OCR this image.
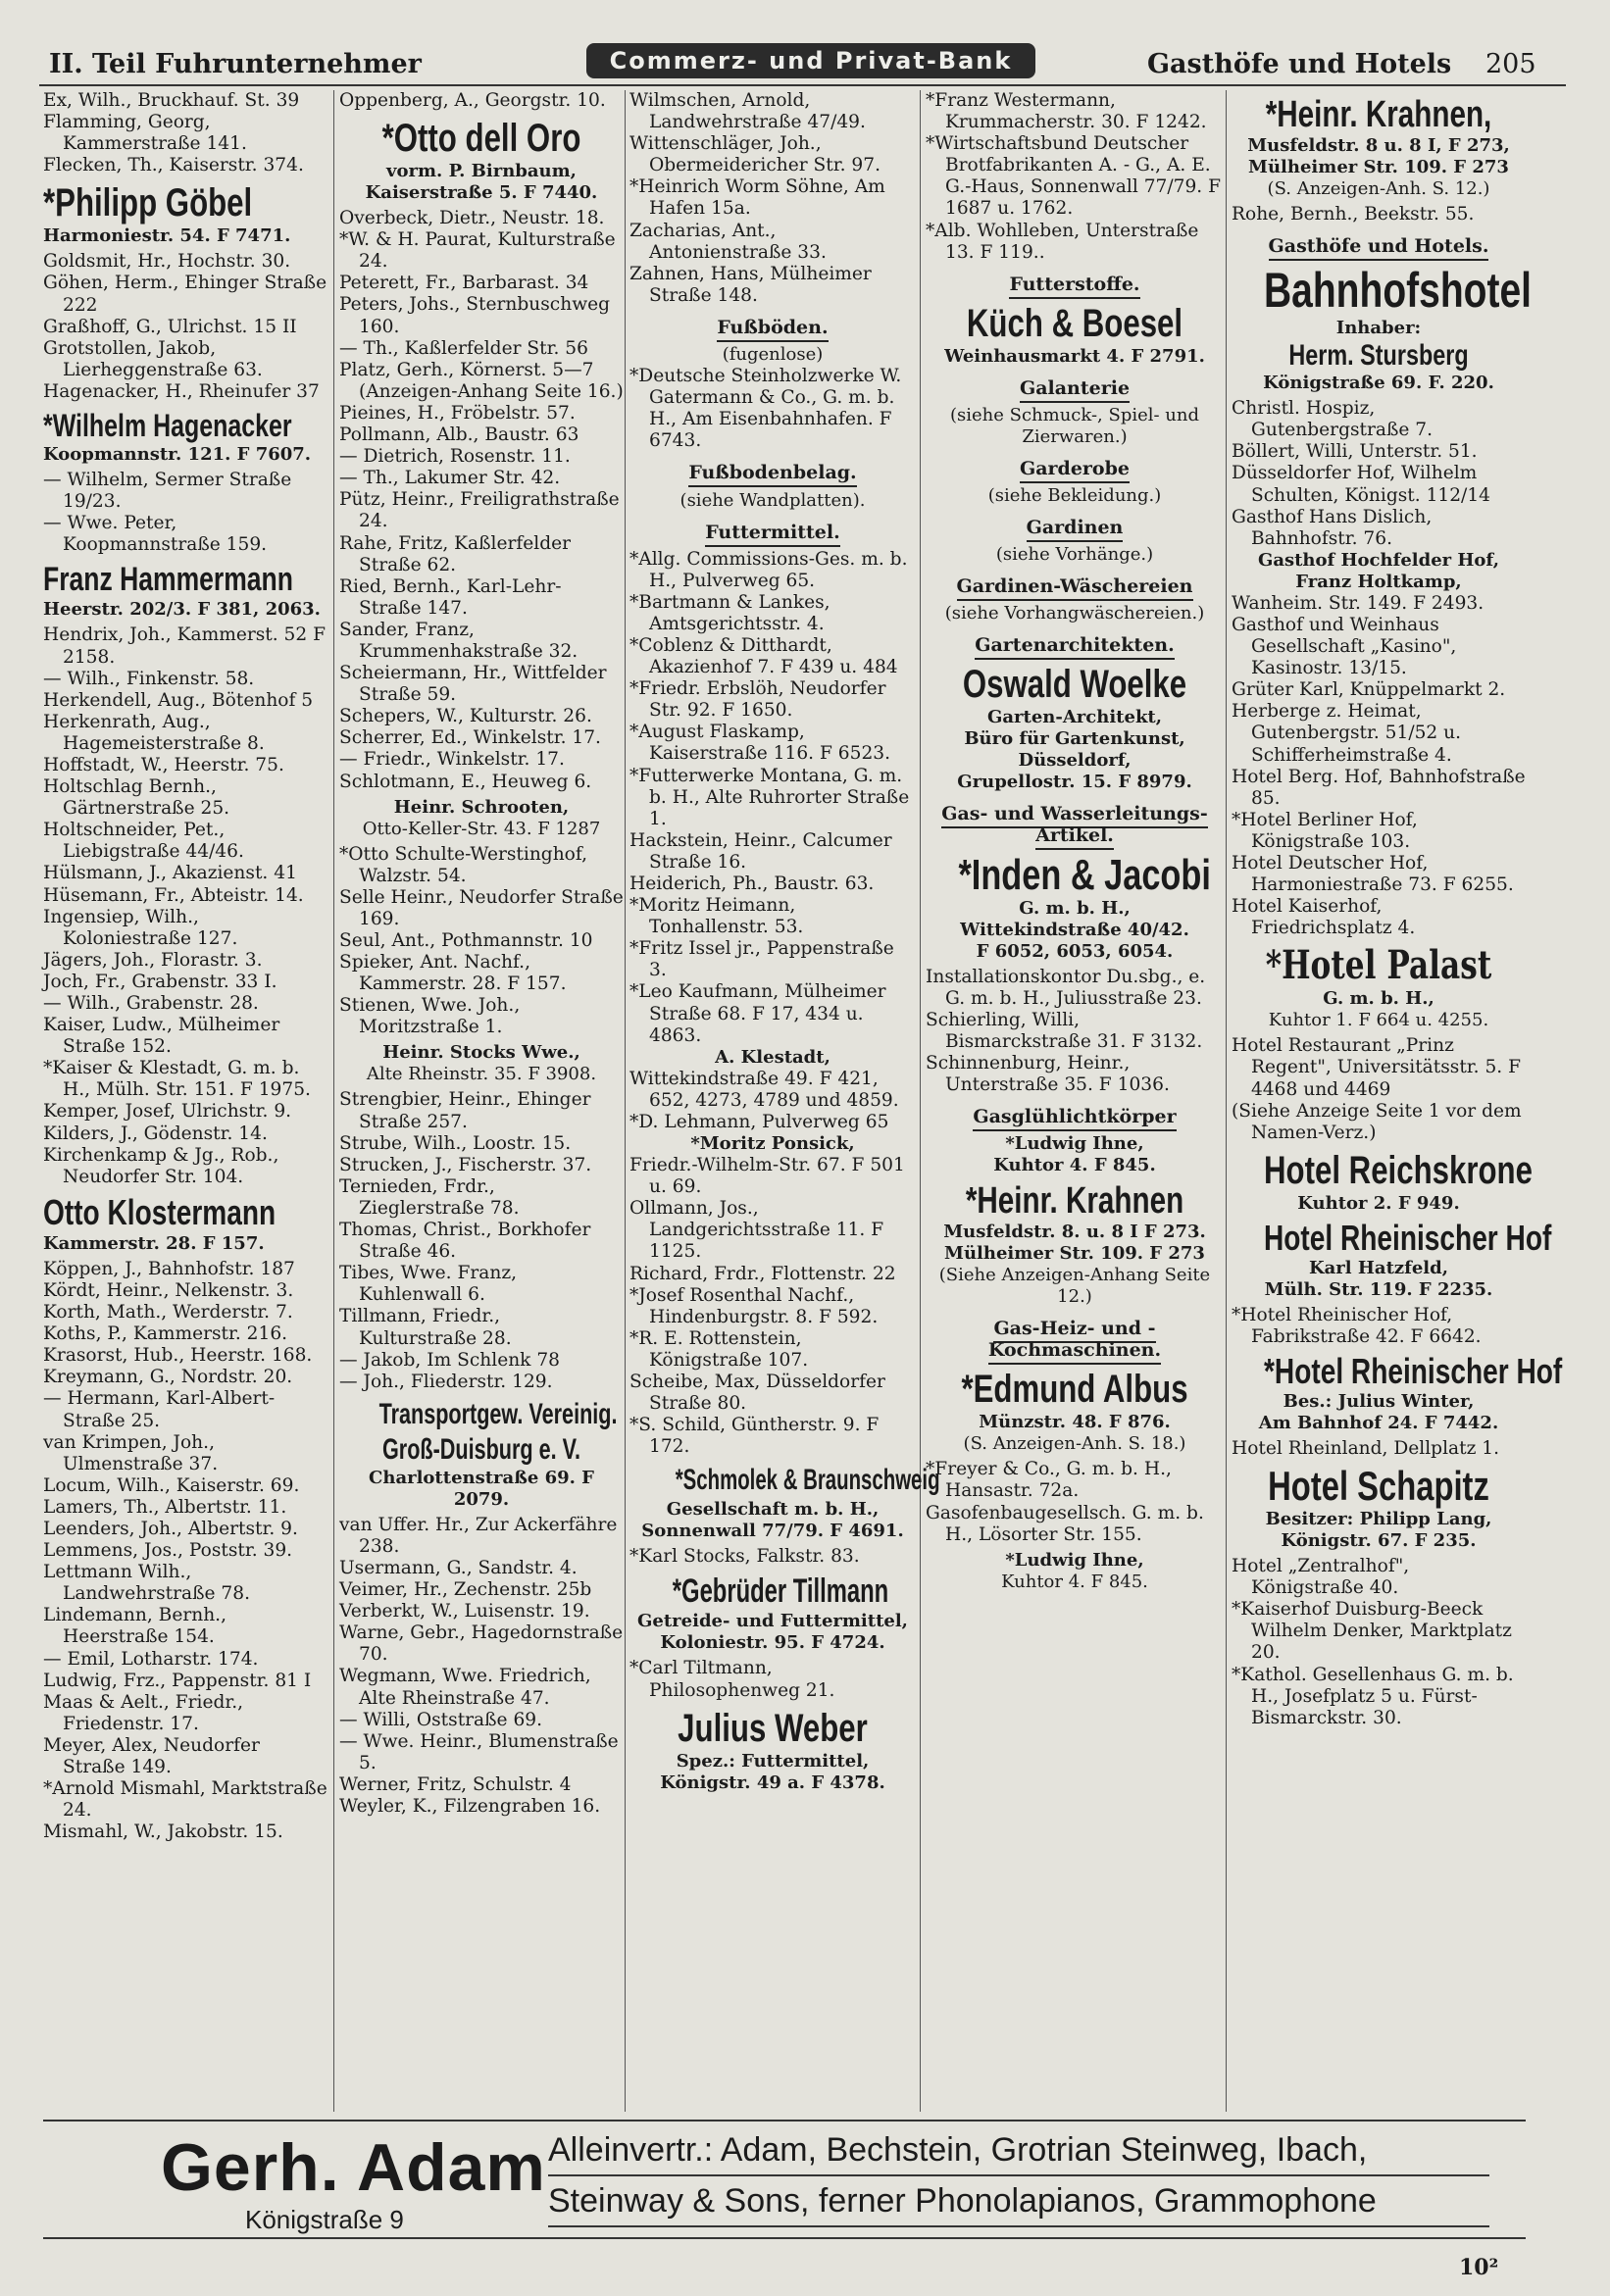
II. Teil Fuhrunternehmer	Commerz- und Privat-Bank	Gasthöfe und Hotels 205

Ex, Wilh., Bruckhauf. St. 39

Flamming, Georg, Kammerstraße 141.

Flecken, Th., Kaiserstr. 374.

*Philipp Göbel
Harmoniestr. 54. F 7471.

Goldsmit, Hr., Hochstr. 30.

Göhen, Herm., Ehinger Straße 222

Graßhoff, G., Ulrichst. 15 II

Grotstollen, Jakob, Lierheggenstraße 63.

Hagenacker, H., Rheinufer 37

*Wilhelm Hagenacker
Koopmannstr. 121. F 7607.

— Wilhelm, Sermer Straße 19/23.

— Wwe. Peter, Koopmannstraße 159.

Franz Hammermann
Heerstr. 202/3. F 381, 2063.

Hendrix, Joh., Kammerst. 52 F 2158.

— Wilh., Finkenstr. 58.

Herkendell, Aug., Bötenhof 5

Herkenrath, Aug., Hagemeisterstraße 8.

Hoffstadt, W., Heerstr. 75.

Holtschlag Bernh., Gärtnerstraße 25.

Holtschneider, Pet., Liebigstraße 44/46.

Hülsmann, J., Akazienst. 41

Hüsemann, Fr., Abteistr. 14.

Ingensiep, Wilh., Koloniestraße 127.

Jägers, Joh., Florastr. 3.

Joch, Fr., Grabenstr. 33 I.

— Wilh., Grabenstr. 28.

Kaiser, Ludw., Mülheimer Straße 152.

*Kaiser & Klestadt, G. m. b. H., Mülh. Str. 151. F 1975.

Kemper, Josef, Ulrichstr. 9.

Kilders, J., Gödenstr. 14.

Kirchenkamp & Jg., Rob., Neudorfer Str. 104.

Otto Klostermann
Kammerstr. 28. F 157.

Köppen, J., Bahnhofstr. 187

Kördt, Heinr., Nelkenstr. 3.

Korth, Math., Werderstr. 7.

Koths, P., Kammerstr. 216.

Krasorst, Hub., Heerstr. 168.

Kreymann, G., Nordstr. 20.

— Hermann, Karl-Albert-Straße 25.

van Krimpen, Joh., Ulmenstraße 37.

Locum, Wilh., Kaiserstr. 69.

Lamers, Th., Albertstr. 11.

Leenders, Joh., Albertstr. 9.

Lemmens, Jos., Poststr. 39.

Lettmann Wilh., Landwehrstraße 78.

Lindemann, Bernh., Heerstraße 154.

— Emil, Lotharstr. 174.

Ludwig, Frz., Pappenstr. 81 I

Maas & Aelt., Friedr., Friedenstr. 17.

Meyer, Alex, Neudorfer Straße 149.

*Arnold Mismahl, Marktstraße 24.

Mismahl, W., Jakobstr. 15.

Oppenberg, A., Georgstr. 10.

*Otto dell Oro
vorm. P. Birnbaum,
Kaiserstraße 5. F 7440.

Overbeck, Dietr., Neustr. 18.

*W. & H. Paurat, Kulturstraße 24.

Peterett, Fr., Barbarast. 34

Peters, Johs., Sternbuschweg 160.

— Th., Kaßlerfelder Str. 56

Platz, Gerh., Körnerst. 5—7 (Anzeigen-Anhang Seite 16.)

Pieines, H., Fröbelstr. 57.

Pollmann, Alb., Baustr. 63

— Dietrich, Rosenstr. 11.

— Th., Lakumer Str. 42.

Pütz, Heinr., Freiligrathstraße 24.

Rahe, Fritz, Kaßlerfelder Straße 62.

Ried, Bernh., Karl-Lehr-Straße 147.

Sander, Franz, Krummenhakstraße 32.

Scheiermann, Hr., Wittfelder Straße 59.

Schepers, W., Kulturstr. 26.

Scherrer, Ed., Winkelstr. 17.

— Friedr., Winkelstr. 17.

Schlotmann, E., Heuweg 6.

Heinr. Schrooten,
Otto-Keller-Str. 43. F 1287

*Otto Schulte-Werstinghof, Walzstr. 54.

Selle Heinr., Neudorfer Straße 169.

Seul, Ant., Pothmannstr. 10

Spieker, Ant. Nachf., Kammerstr. 28. F 157.

Stienen, Wwe. Joh., Moritzstraße 1.

Heinr. Stocks Wwe.,
Alte Rheinstr. 35. F 3908.

Strengbier, Heinr., Ehinger Straße 257.

Strube, Wilh., Loostr. 15.

Strucken, J., Fischerstr. 37.

Ternieden, Frdr., Zieglerstraße 78.

Thomas, Christ., Borkhofer Straße 46.

Tibes, Wwe. Franz, Kuhlenwall 6.

Tillmann, Friedr., Kulturstraße 28.

— Jakob, Im Schlenk 78

— Joh., Fliederstr. 129.

Transportgew. Vereinig.
Groß-Duisburg e. V.
Charlottenstraße 69. F 2079.

van Uffer. Hr., Zur Ackerfähre 238.

Usermann, G., Sandstr. 4.

Veimer, Hr., Zechenstr. 25b

Verberkt, W., Luisenstr. 19.

Warne, Gebr., Hagedornstraße 70.

Wegmann, Wwe. Friedrich, Alte Rheinstraße 47.

— Willi, Oststraße 69.

— Wwe. Heinr., Blumenstraße 5.

Werner, Fritz, Schulstr. 4

Weyler, K., Filzengraben 16.

Wilmschen, Arnold, Landwehrstraße 47/49.

Wittenschläger, Joh., Obermeidericher Str. 97.

*Heinrich Worm Söhne, Am Hafen 15a.

Zacharias, Ant., Antonienstraße 33.

Zahnen, Hans, Mülheimer Straße 148.

Fußböden.
(fugenlose)

*Deutsche Steinholzwerke W. Gatermann & Co., G. m. b. H., Am Eisenbahnhafen. F 6743.

Fußbodenbelag.
(siehe Wandplatten).
Futtermittel.

*Allg. Commissions-Ges. m. b. H., Pulverweg 65.

*Bartmann & Lankes, Amtsgerichtsstr. 4.

*Coblenz & Ditthardt, Akazienhof 7. F 439 u. 484

*Friedr. Erbslöh, Neudorfer Str. 92. F 1650.

*August Flaskamp, Kaiserstraße 116. F 6523.

*Futterwerke Montana, G. m. b. H., Alte Ruhrorter Straße 1.

Hackstein, Heinr., Calcumer Straße 16.

Heiderich, Ph., Baustr. 63.

*Moritz Heimann, Tonhallenstr. 53.

*Fritz Issel jr., Pappenstraße 3.

*Leo Kaufmann, Mülheimer Straße 68. F 17, 434 u. 4863.

A. Klestadt,

Wittekindstraße 49. F 421, 652, 4273, 4789 und 4859.

*D. Lehmann, Pulverweg 65

*Moritz Ponsick,

Friedr.-Wilhelm-Str. 67. F 501 u. 69.

Ollmann, Jos., Landgerichtsstraße 11. F 1125.

Richard, Frdr., Flottenstr. 22

*Josef Rosenthal Nachf., Hindenburgstr. 8. F 592.

*R. E. Rottenstein, Königstraße 107.

Scheibe, Max, Düsseldorfer Straße 80.

*S. Schild, Güntherstr. 9. F 172.

*Schmolek & Braunschweig
Gesellschaft m. b. H.,
Sonnenwall 77/79. F 4691.

*Karl Stocks, Falkstr. 83.

*Gebrüder Tillmann
Getreide- und Futtermittel,
Koloniestr. 95. F 4724.

*Carl Tiltmann, Philosophenweg 21.

Julius Weber
Spez.: Futtermittel,
Königstr. 49 a. F 4378.

*Franz Westermann, Krummacherstr. 30. F 1242.

*Wirtschaftsbund Deutscher Brotfabrikanten A. - G., A. E. G.-Haus, Sonnenwall 77/79. F 1687 u. 1762.

*Alb. Wohlleben, Unterstraße 13. F 119..

Futterstoffe.
Küch & Boesel
Weinhausmarkt 4. F 2791.
Galanterie
(siehe Schmuck-, Spiel- und Zierwaren.)
Garderobe
(siehe Bekleidung.)
Gardinen
(siehe Vorhänge.)
Gardinen-Wäschereien
(siehe Vorhangwäschereien.)
Gartenarchitekten.
Oswald Woelke
Garten-Architekt,
Büro für Gartenkunst,
Düsseldorf,
Grupellostr. 15. F 8979.
Gas- und Wasserleitungs-Artikel.
*Inden & Jacobi
G. m. b. H.,
Wittekindstraße 40/42.
F 6052, 6053, 6054.

Installationskontor Du.sbg., e. G. m. b. H., Juliusstraße 23.

Schierling, Willi, Bismarckstraße 31. F 3132.

Schinnenburg, Heinr., Unterstraße 35. F 1036.

Gasglühlichtkörper
*Ludwig Ihne,
Kuhtor 4. F 845.
*Heinr. Krahnen
Musfeldstr. 8. u. 8 I F 273.
Mülheimer Str. 109. F 273
(Siehe Anzeigen-Anhang Seite 12.)
Gas-Heiz- und -Kochmaschinen.
*Edmund Albus
Münzstr. 48. F 876.
(S. Anzeigen-Anh. S. 18.)

*Freyer & Co., G. m. b. H., Hansastr. 72a.

Gasofenbaugesellsch. G. m. b. H., Lösorter Str. 155.

*Ludwig Ihne,
Kuhtor 4. F 845.
*Heinr. Krahnen,
Musfeldstr. 8 u. 8 I, F 273,
Mülheimer Str. 109. F 273
(S. Anzeigen-Anh. S. 12.)

Rohe, Bernh., Beekstr. 55.

Gasthöfe und Hotels.
Bahnhofshotel
Inhaber:
Herm. Stursberg
Königstraße 69. F. 220.

Christl. Hospiz, Gutenbergstraße 7.

Böllert, Willi, Unterstr. 51.

Düsseldorfer Hof, Wilhelm Schulten, Königst. 112/14

Gasthof Hans Dislich, Bahnhofstr. 76.

Gasthof Hochfelder Hof, Franz Holtkamp,

Wanheim. Str. 149. F 2493.

Gasthof und Weinhaus Gesellschaft „Kasino", Kasinostr. 13/15.

Grüter Karl, Knüppelmarkt 2.

Herberge z. Heimat, Gutenbergstr. 51/52 u. Schifferheimstraße 4.

Hotel Berg. Hof, Bahnhofstraße 85.

*Hotel Berliner Hof, Königstraße 103.

Hotel Deutscher Hof, Harmoniestraße 73. F 6255.

Hotel Kaiserhof, Friedrichsplatz 4.

*Hotel Palast
G. m. b. H.,
Kuhtor 1. F 664 u. 4255.

Hotel Restaurant „Prinz Regent", Universitätsstr. 5. F 4468 und 4469

(Siehe Anzeige Seite 1 vor dem Namen-Verz.)

Hotel Reichskrone
Kuhtor 2. F 949.
Hotel Rheinischer Hof
Karl Hatzfeld,
Mülh. Str. 119. F 2235.

*Hotel Rheinischer Hof, Fabrikstraße 42. F 6642.

*Hotel Rheinischer Hof
Bes.: Julius Winter,
Am Bahnhof 24. F 7442.

Hotel Rheinland, Dellplatz 1.

Hotel Schapitz
Besitzer: Philipp Lang,
Königstr. 67. F 235.

Hotel „Zentralhof", Königstraße 40.

*Kaiserhof Duisburg-Beeck Wilhelm Denker, Marktplatz 20.

*Kathol. Gesellenhaus G. m. b. H., Josefplatz 5 u. Fürst-Bismarckstr. 30.

Gerh. Adam
Königstraße 9
Alleinvertr.: Adam, Bechstein, Grotrian Steinweg, Ibach,
Steinway & Sons, ferner Phonolapianos, Grammophone
10²
